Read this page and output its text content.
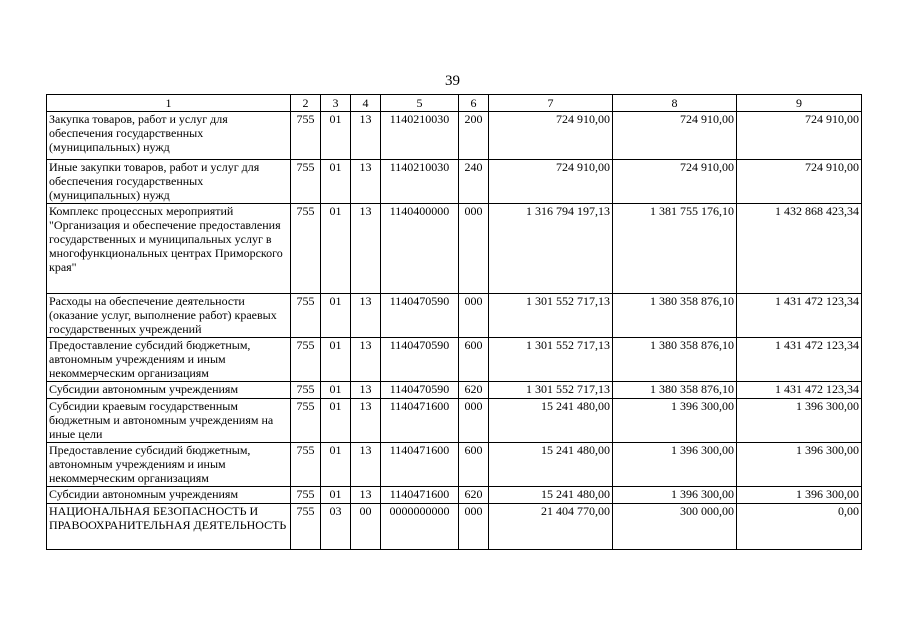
39
1	2	3	4	5	6	7	8	9
Закупка товаров, работ и услуг для обеспечения государственных (муниципальных) нужд	755	01	13	1140210030	200	724 910,00	724 910,00	724 910,00
Иные закупки товаров, работ и услуг для обеспечения государственных (муниципальных) нужд	755	01	13	1140210030	240	724 910,00	724 910,00	724 910,00
Комплекс процессных мероприятий "Организация и обеспечение предоставления государственных и муниципальных услуг в многофункциональных центрах Приморского края"	755	01	13	1140400000	000	1 316 794 197,13	1 381 755 176,10	1 432 868 423,34
Расходы на обеспечение деятельности (оказание услуг, выполнение работ) краевых государственных учреждений	755	01	13	1140470590	000	1 301 552 717,13	1 380 358 876,10	1 431 472 123,34
Предоставление субсидий бюджетным, автономным учреждениям и иным некоммерческим организациям	755	01	13	1140470590	600	1 301 552 717,13	1 380 358 876,10	1 431 472 123,34
Субсидии автономным учреждениям	755	01	13	1140470590	620	1 301 552 717,13	1 380 358 876,10	1 431 472 123,34
Субсидии краевым государственным бюджетным и автономным учреждениям на иные цели	755	01	13	1140471600	000	15 241 480,00	1 396 300,00	1 396 300,00
Предоставление субсидий бюджетным, автономным учреждениям и иным некоммерческим организациям	755	01	13	1140471600	600	15 241 480,00	1 396 300,00	1 396 300,00
Субсидии автономным учреждениям	755	01	13	1140471600	620	15 241 480,00	1 396 300,00	1 396 300,00
НАЦИОНАЛЬНАЯ БЕЗОПАСНОСТЬ И ПРАВООХРАНИТЕЛЬНАЯ ДЕЯТЕЛЬНОСТЬ	755	03	00	0000000000	000	21 404 770,00	300 000,00	0,00
